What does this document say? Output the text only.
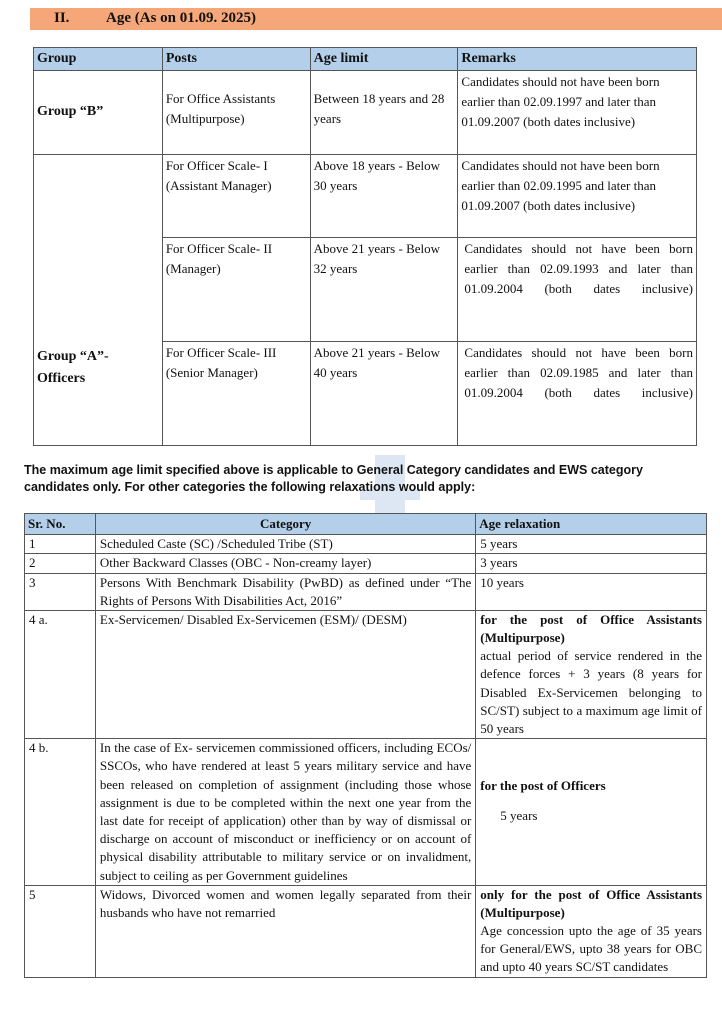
II.	Age (As on 01.09. 2025)
Group	Posts	Age limit	Remarks
Group “B”	For Office Assistants (Multipurpose)	Between 18 years and 28 years	Candidates should not have been born earlier than 02.09.1997 and later than 01.09.2007 (both dates inclusive)
Group “A”- Officers	For Officer Scale- I (Assistant Manager)	Above 18 years - Below 30 years	Candidates should not have been born earlier than 02.09.1995 and later than 01.09.2007 (both dates inclusive)
	For Officer Scale- II (Manager)	Above 21 years - Below 32 years	Candidates should not have been born earlier than 02.09.1993 and later than 01.09.2004 (both dates inclusive)
	For Officer Scale- III (Senior Manager)	Above 21 years - Below 40 years	Candidates should not have been born earlier than 02.09.1985 and later than 01.09.2004 (both dates inclusive)
The maximum age limit specified above is applicable to General Category candidates and EWS category
candidates only. For other categories the following relaxations would apply:
Sr. No.	Category	Age relaxation
1	Scheduled Caste (SC) /Scheduled Tribe (ST)	5 years
2	Other Backward Classes (OBC - Non-creamy layer)	3 years
3	Persons With Benchmark Disability (PwBD) as defined under “The Rights of Persons With Disabilities Act, 2016”	10 years
4 a.	Ex-Servicemen/ Disabled Ex-Servicemen (ESM)/ (DESM)	for the post of Office Assistants (Multipurpose)
actual period of service rendered in the defence forces + 3 years (8 years for Disabled Ex-Servicemen belonging to SC/ST) subject to a maximum age limit of 50 years

4 b.	In the case of Ex- servicemen commissioned officers, including ECOs/ SSCOs, who have rendered at least 5 years military service and have been released on completion of assignment (including those whose assignment is due to be completed within the next one year from the last date for receipt of application) other than by way of dismissal or discharge on account of misconduct or inefficiency or on account of physical disability attributable to military service or on invalidment, subject to ceiling as per Government guidelines	for the post of Officers
5 years

5	Widows, Divorced women and women legally separated from their husbands who have not remarried	only for the post of Office Assistants (Multipurpose)
Age concession upto the age of 35 years for General/EWS, upto 38 years for OBC and upto 40 years SC/ST candidates
